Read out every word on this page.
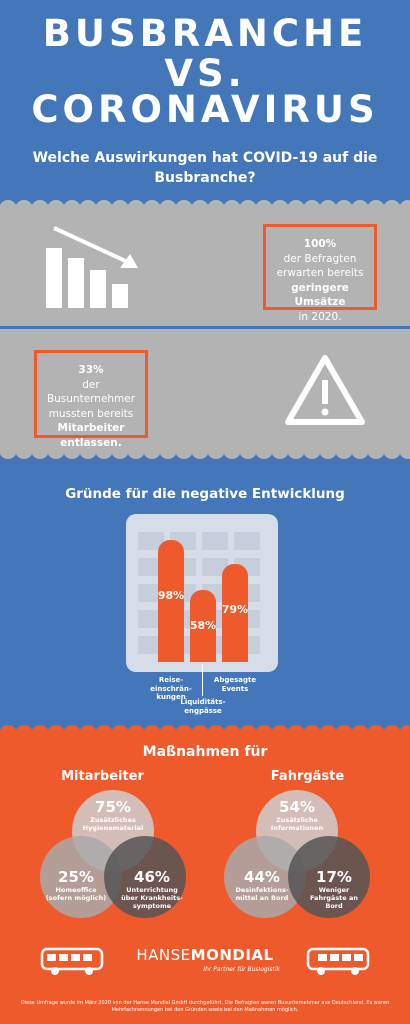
BUSBRANCHE
VS.
CORONAVIRUS
Welche Auswirkungen hat COVID-19 auf die Busbranche?
100%
der Befragten
erwarten bereits
geringere Umsätze
in 2020.
33%
der Busunternehmer
mussten bereits
Mitarbeiter
entlassen.
Gründe für die negative Entwicklung
98%
Reise-
einschrän-
kungen
58%
Liquiditäts-
engpässe
79%
Abgesagte
Events
Maßnahmen für
Mitarbeiter	Fahrgäste
75%
Zusätzliches
Hygienematerial
25%
Homeoffice
(sofern möglich)
46%
Unterrichtung
über Krankheits-
symptome
54%
Zusätzliche
Informationen
44%
Desinfektions-
mittel an Bord
17%
Weniger
Fahrgäste an
Bord
HANSEMONDIAL
Ihr Partner für Buslogistik
Diese Umfrage wurde im März 2020 von der Hanse Mondial GmbH durchgeführt. Die Befragten waren Busunternehmer aus Deutschland. Es waren Mehrfachnennungen bei den Gründen sowie bei den Maßnahmen möglich.
